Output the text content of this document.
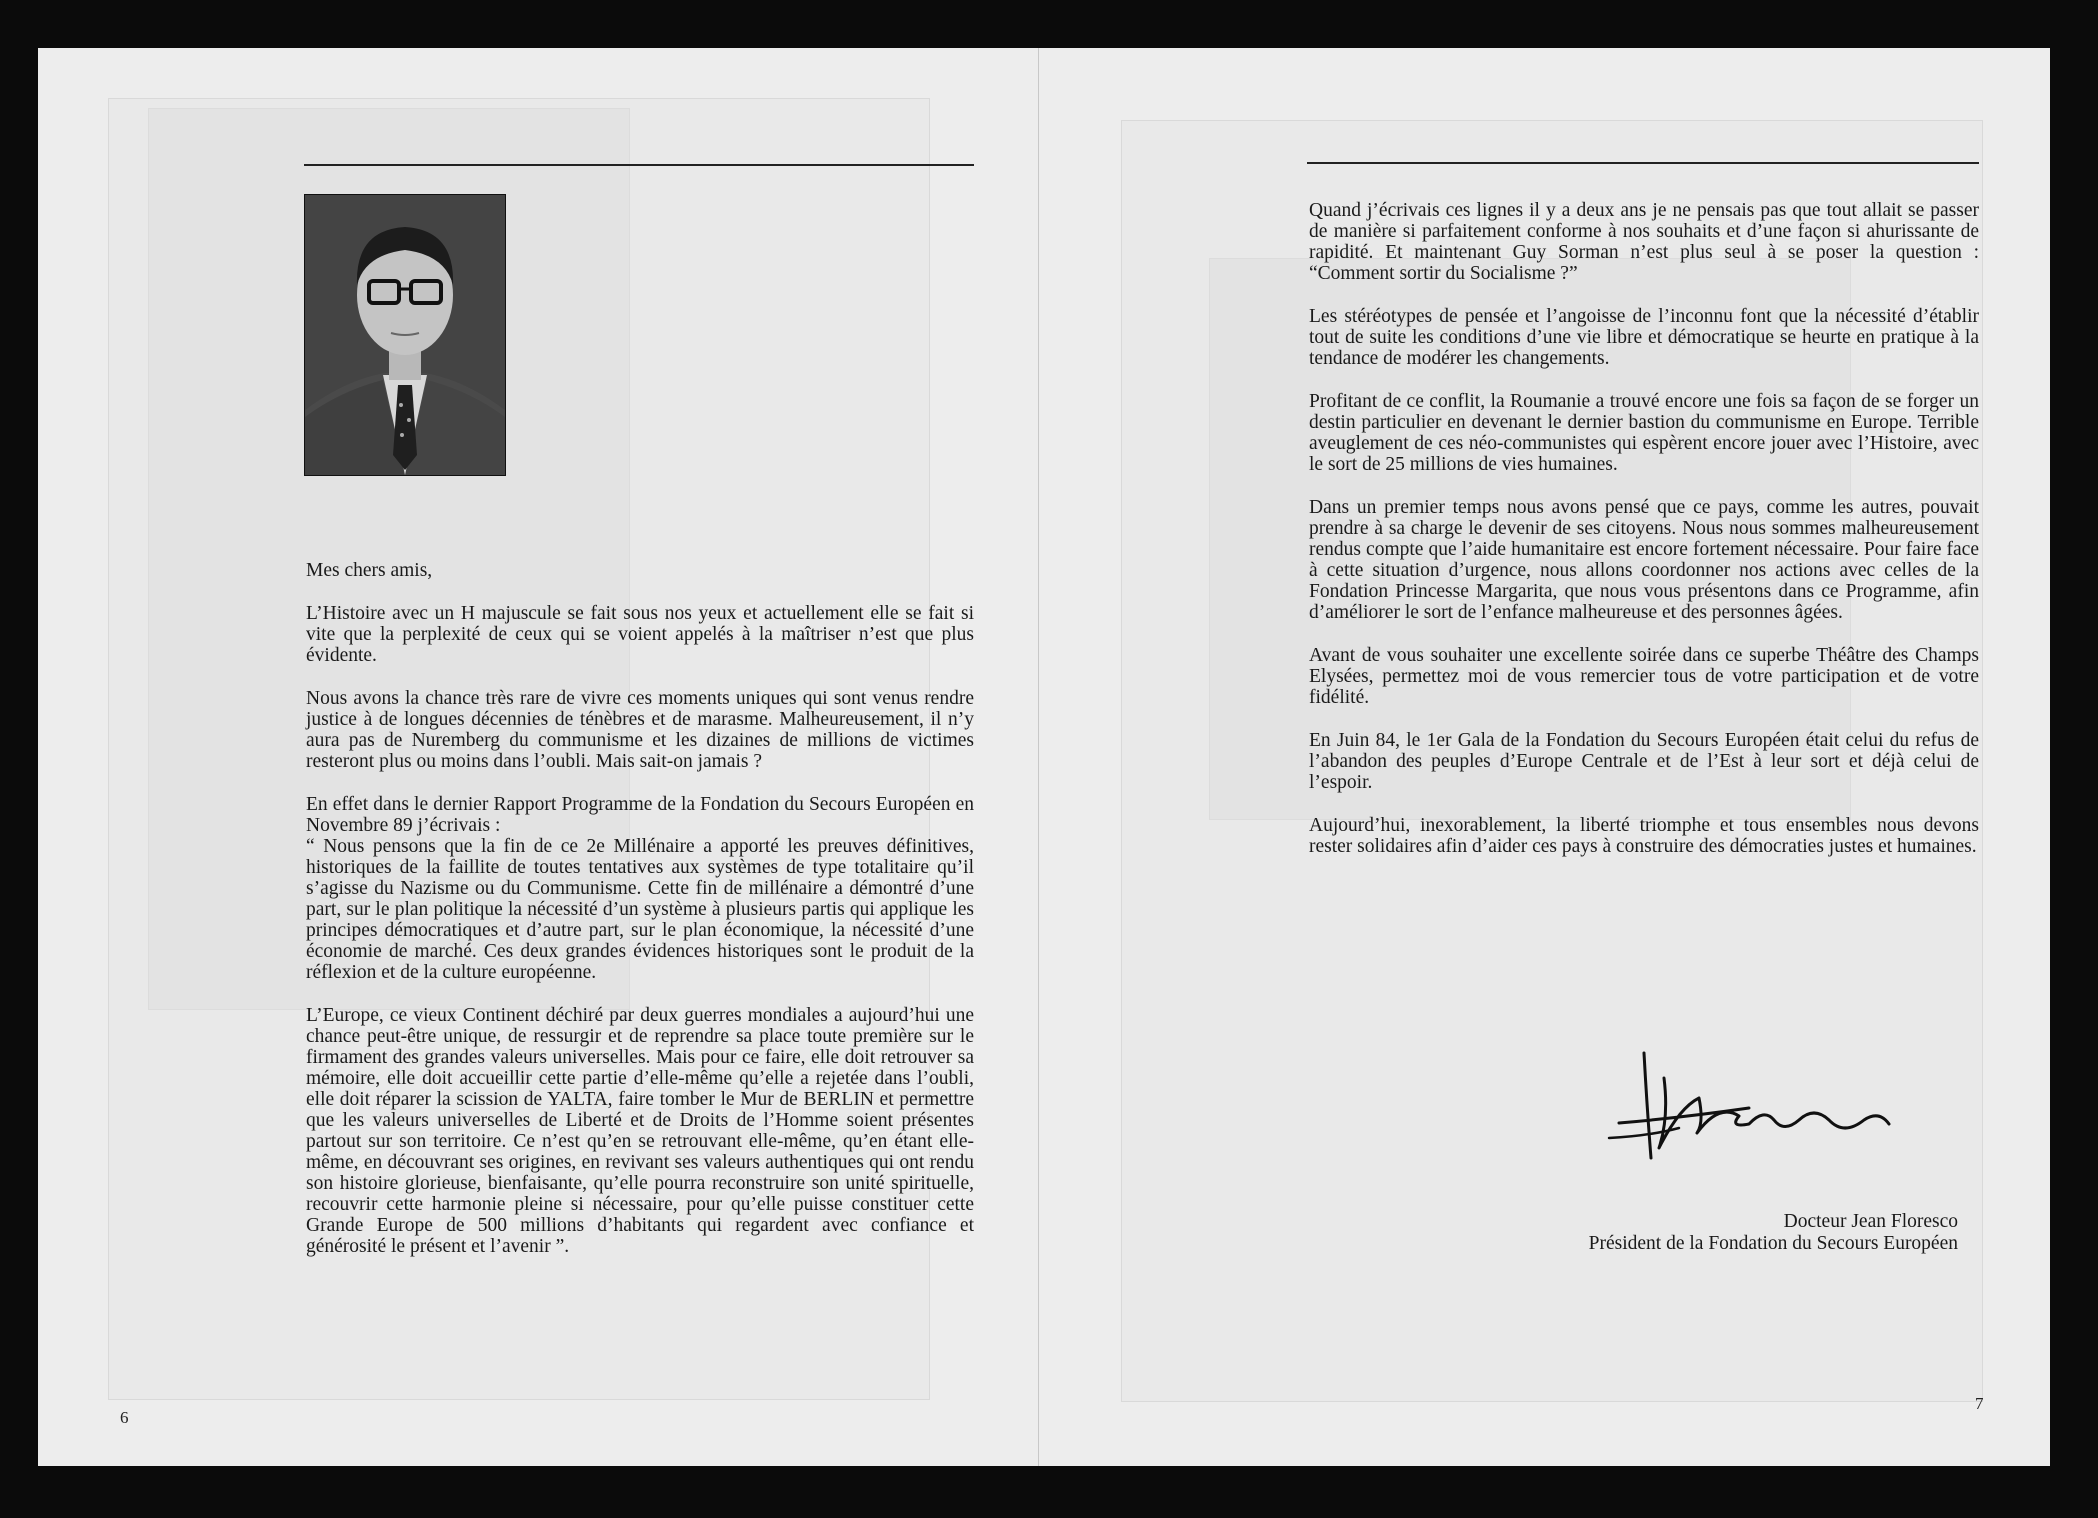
Mes chers amis,

L’Histoire avec un H majuscule se fait sous nos yeux et actuellement elle se fait si vite que la perplexité de ceux qui se voient appelés à la maîtriser n’est que plus évidente.

Nous avons la chance très rare de vivre ces moments uniques qui sont venus rendre justice à de longues décennies de ténèbres et de marasme. Malheureusement, il n’y aura pas de Nuremberg du communisme et les dizaines de millions de victimes resteront plus ou moins dans l’oubli. Mais sait-on jamais ?

En effet dans le dernier Rapport Programme de la Fondation du Secours Européen en Novembre 89 j’écrivais :

“ Nous pensons que la fin de ce 2e Millénaire a apporté les preuves définitives, historiques de la faillite de toutes tentatives aux systèmes de type totalitaire qu’il s’agisse du Nazisme ou du Communisme. Cette fin de millénaire a démontré d’une part, sur le plan politique la nécessité d’un système à plusieurs partis qui applique les principes démocratiques et d’autre part, sur le plan économique, la nécessité d’une économie de marché. Ces deux grandes évidences historiques sont le produit de la réflexion et de la culture européenne.

L’Europe, ce vieux Continent déchiré par deux guerres mondiales a aujourd’hui une chance peut-être unique, de ressurgir et de reprendre sa place toute première sur le firmament des grandes valeurs universelles. Mais pour ce faire, elle doit retrouver sa mémoire, elle doit accueillir cette partie d’elle-même qu’elle a rejetée dans l’oubli, elle doit réparer la scission de YALTA, faire tomber le Mur de BERLIN et permettre que les valeurs universelles de Liberté et de Droits de l’Homme soient présentes partout sur son territoire. Ce n’est qu’en se retrouvant elle-même, qu’en étant elle-même, en découvrant ses origines, en revivant ses valeurs authentiques qui ont rendu son histoire glorieuse, bienfaisante, qu’elle pourra reconstruire son unité spirituelle, recouvrir cette harmonie pleine si nécessaire, pour qu’elle puisse constituer cette Grande Europe de 500 millions d’habitants qui regardent avec confiance et générosité le présent et l’avenir ”.

6

Quand j’écrivais ces lignes il y a deux ans je ne pensais pas que tout allait se passer de manière si parfaitement conforme à nos souhaits et d’une façon si ahurissante de rapidité. Et maintenant Guy Sorman n’est plus seul à se poser la question : “Comment sortir du Socialisme ?”

Les stéréotypes de pensée et l’angoisse de l’inconnu font que la nécessité d’établir tout de suite les conditions d’une vie libre et démocratique se heurte en pratique à la tendance de modérer les changements.

Profitant de ce conflit, la Roumanie a trouvé encore une fois sa façon de se forger un destin particulier en devenant le dernier bastion du communisme en Europe. Terrible aveuglement de ces néo-communistes qui espèrent encore jouer avec l’Histoire, avec le sort de 25 millions de vies humaines.

Dans un premier temps nous avons pensé que ce pays, comme les autres, pouvait prendre à sa charge le devenir de ses citoyens. Nous nous sommes malheureusement rendus compte que l’aide humanitaire est encore fortement nécessaire. Pour faire face à cette situation d’urgence, nous allons coordonner nos actions avec celles de la Fondation Princesse Margarita, que nous vous présentons dans ce Programme, afin d’améliorer le sort de l’enfance malheureuse et des personnes âgées.

Avant de vous souhaiter une excellente soirée dans ce superbe Théâtre des Champs Elysées, permettez moi de vous remercier tous de votre participation et de votre fidélité.

En Juin 84, le 1er Gala de la Fondation du Secours Européen était celui du refus de l’abandon des peuples d’Europe Centrale et de l’Est à leur sort et déjà celui de l’espoir.

Aujourd’hui, inexorablement, la liberté triomphe et tous ensembles nous devons rester solidaires afin d’aider ces pays à construire des démocraties justes et humaines.

Docteur Jean Floresco
Président de la Fondation du Secours Européen
7
